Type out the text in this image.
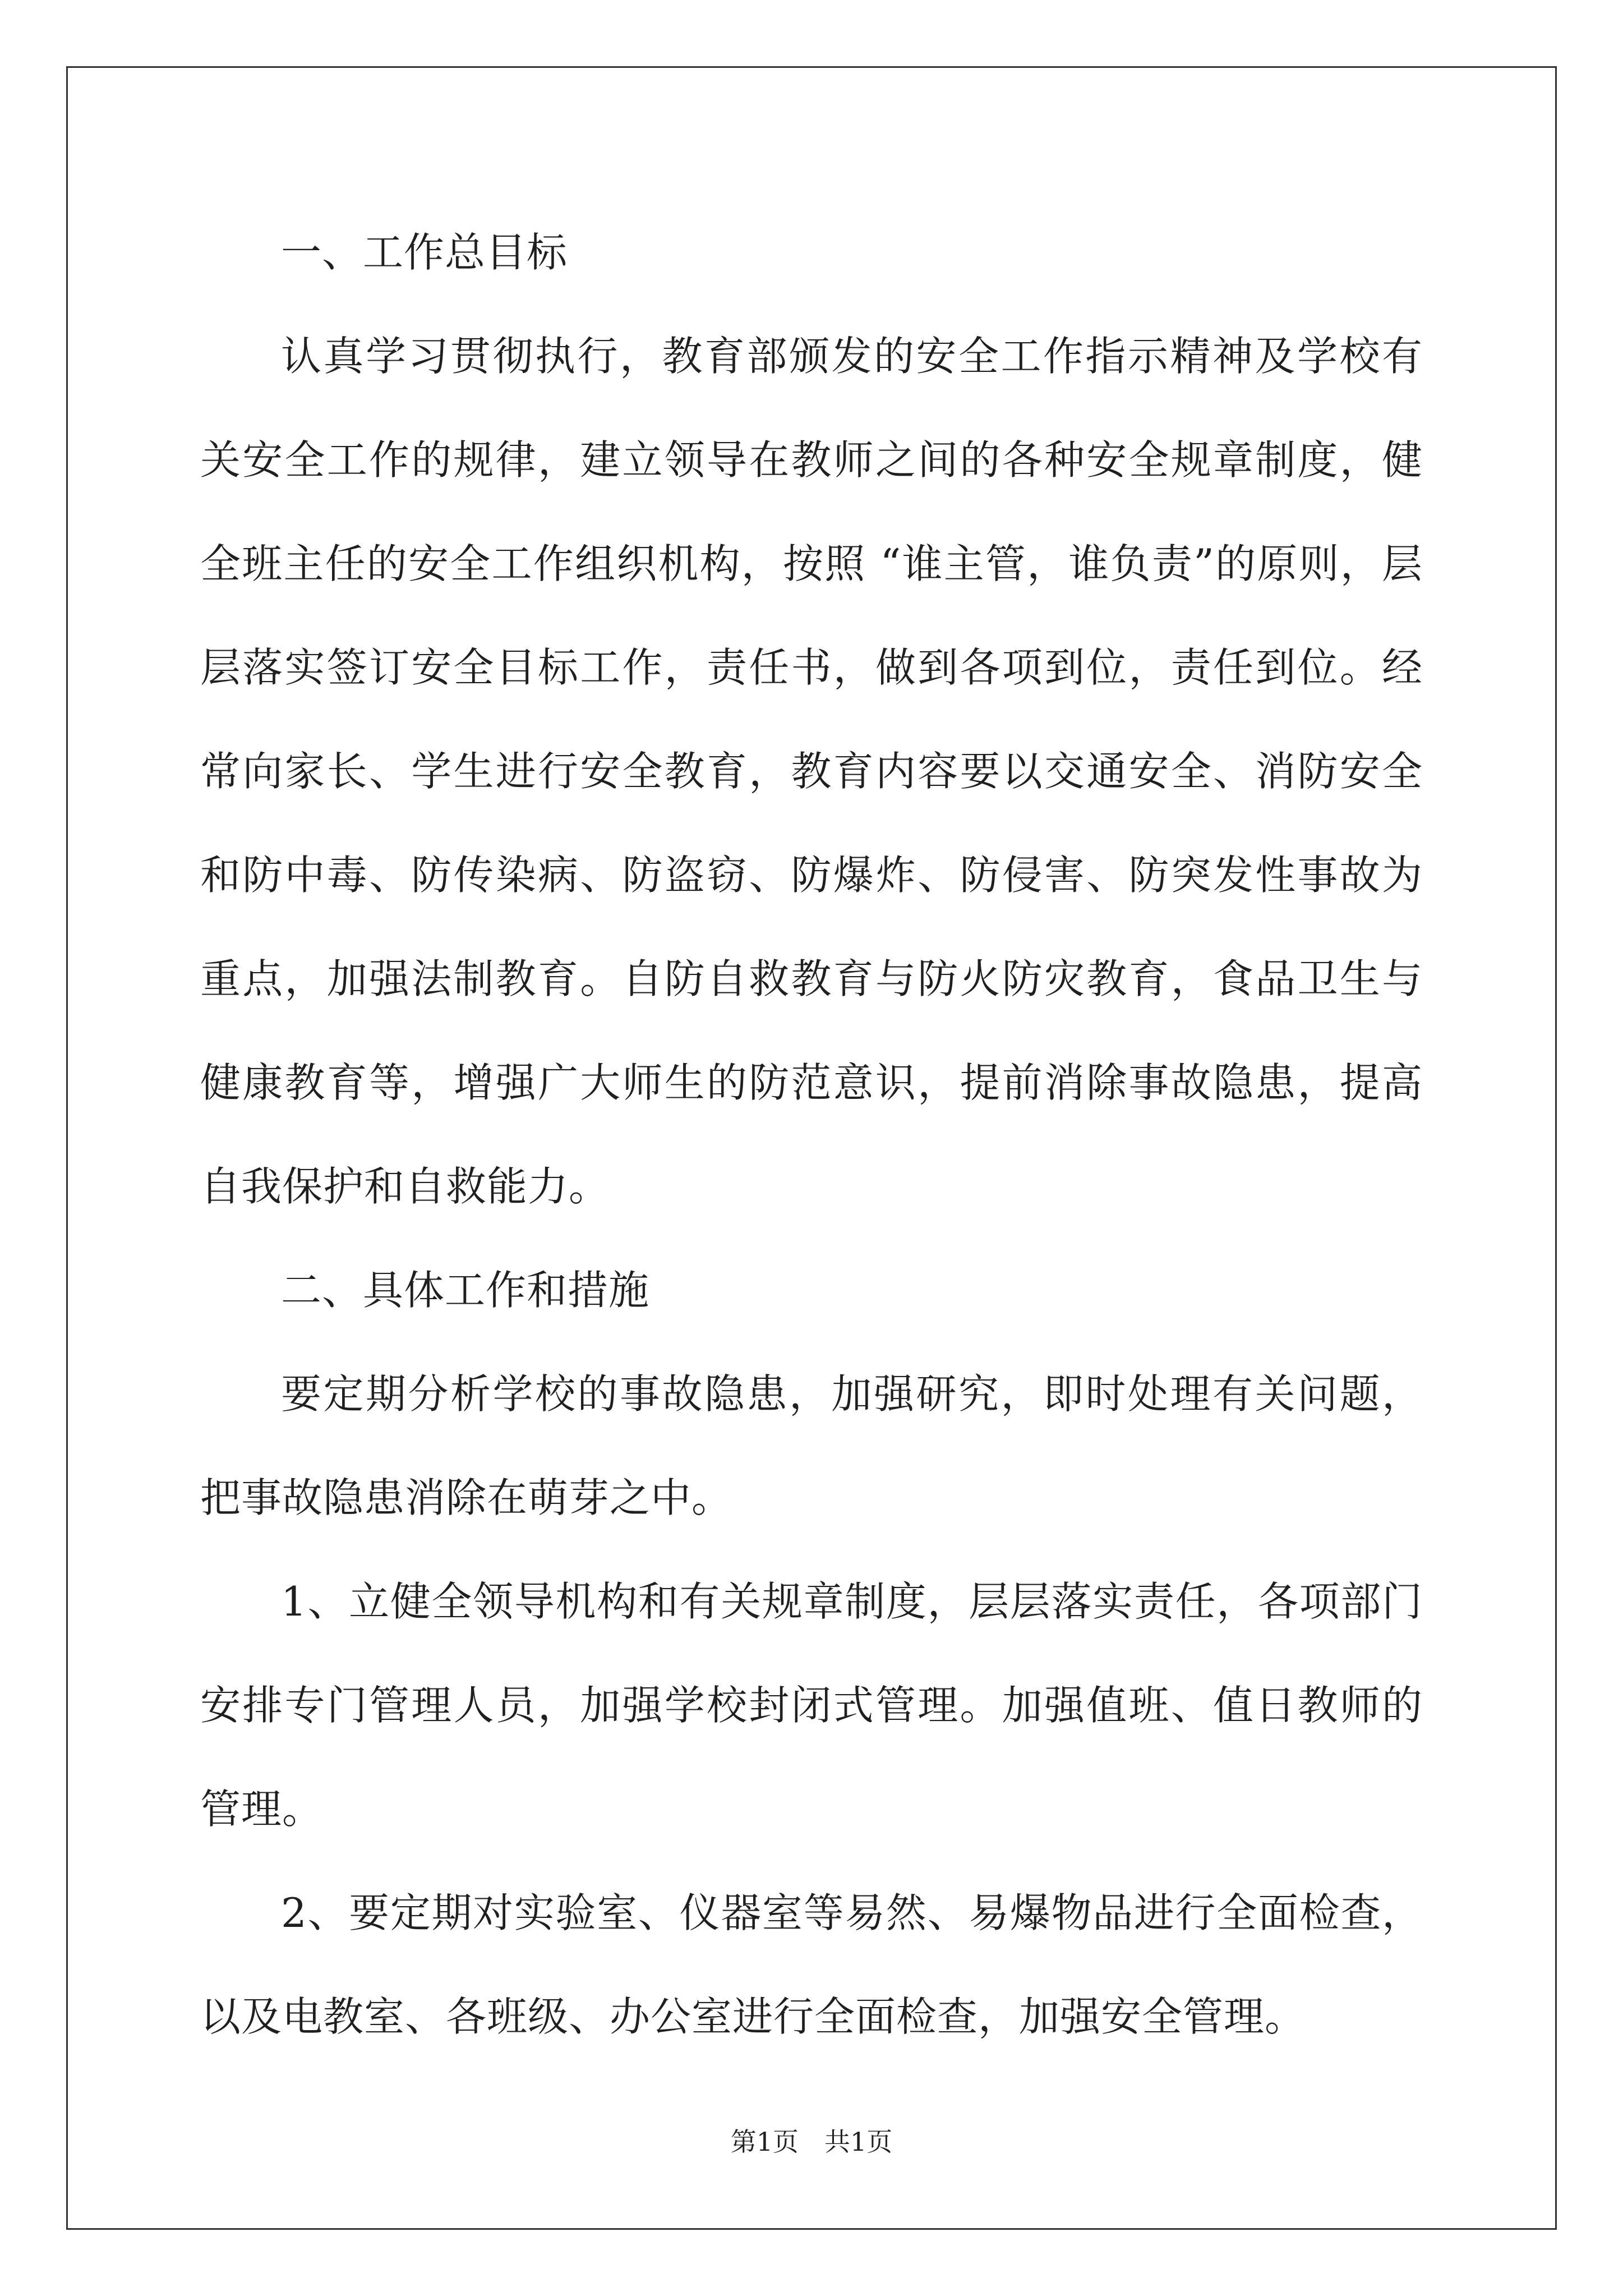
一、工作总目标

认真学习贯彻执行，教育部颁发的安全工作指示精神及学校有关安全工作的规律，建立领导在教师之间的各种安全规章制度，健全班主任的安全工作组织机构，按照 “谁主管，谁负责”的原则，层层落实签订安全目标工作，责任书，做到各项到位，责任到位。经常向家长、学生进行安全教育，教育内容要以交通安全、消防安全和防中毒、防传染病、防盗窃、防爆炸、防侵害、防突发性事故为重点，加强法制教育。自防自救教育与防火防灾教育，食品卫生与健康教育等，增强广大师生的防范意识，提前消除事故隐患，提高自我保护和自救能力。

二、具体工作和措施

要定期分析学校的事故隐患，加强研究，即时处理有关问题，把事故隐患消除在萌芽之中。

1、立健全领导机构和有关规章制度，层层落实责任，各项部门安排专门管理人员，加强学校封闭式管理。加强值班、值日教师的管理。

2、要定期对实验室、仪器室等易然、易爆物品进行全面检查，以及电教室、各班级、办公室进行全面检查，加强安全管理。

第1页　共1页
